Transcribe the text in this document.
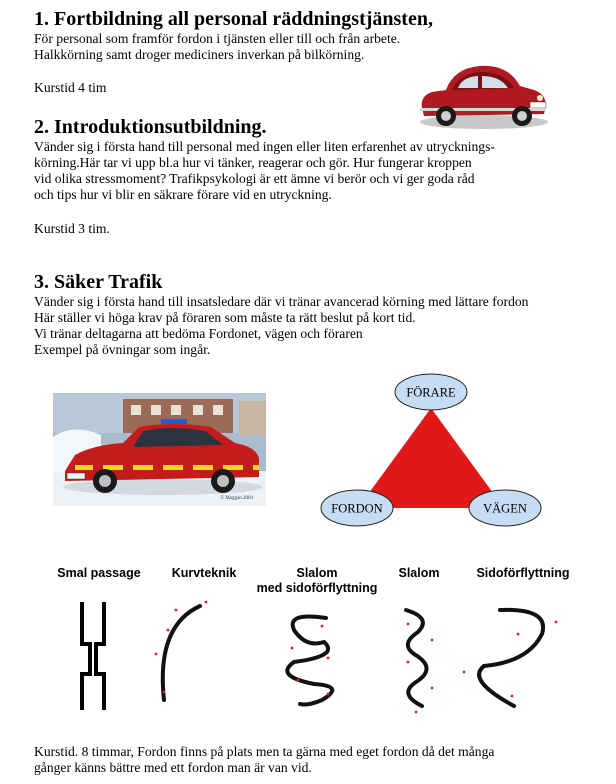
1. Fortbildning all personal räddningstjänsten,

För personal som framför fordon i tjänsten eller till och från arbete.

Halkkörning samt droger mediciners inverkan på bilkörning.

Kurstid 4 tim

2. Introduktionsutbildning.

Vänder sig i första hand till personal med ingen eller liten erfarenhet av utrycknings-

körning.Här tar vi upp bl.a hur vi tänker, reagerar och gör. Hur fungerar kroppen

vid olika stressmoment? Trafikpsykologi är ett ämne vi berör och vi ger goda råd

och tips hur vi blir en säkrare förare vid en utryckning.

Kurstid 3 tim.

3. Säker Trafik

Vänder sig i första hand till insatsledare där vi tränar avancerad körning med lättare fordon

Här ställer vi höga krav på föraren som måste ta rätt beslut på kort tid.

Vi tränar deltagarna att bedöma Fordonet, vägen och föraren

Exempel på övningar som ingår.

© Maggan 2004
FÖRARE
FORDON	VÄGEN
Smal passage	Kurvteknik	Slalom
med sidoförflyttning
Slalom	Sidoförflyttning

Kurstid. 8 timmar, Fordon finns på plats men ta gärna med eget fordon då det många

gånger känns bättre med ett fordon man är van vid.
